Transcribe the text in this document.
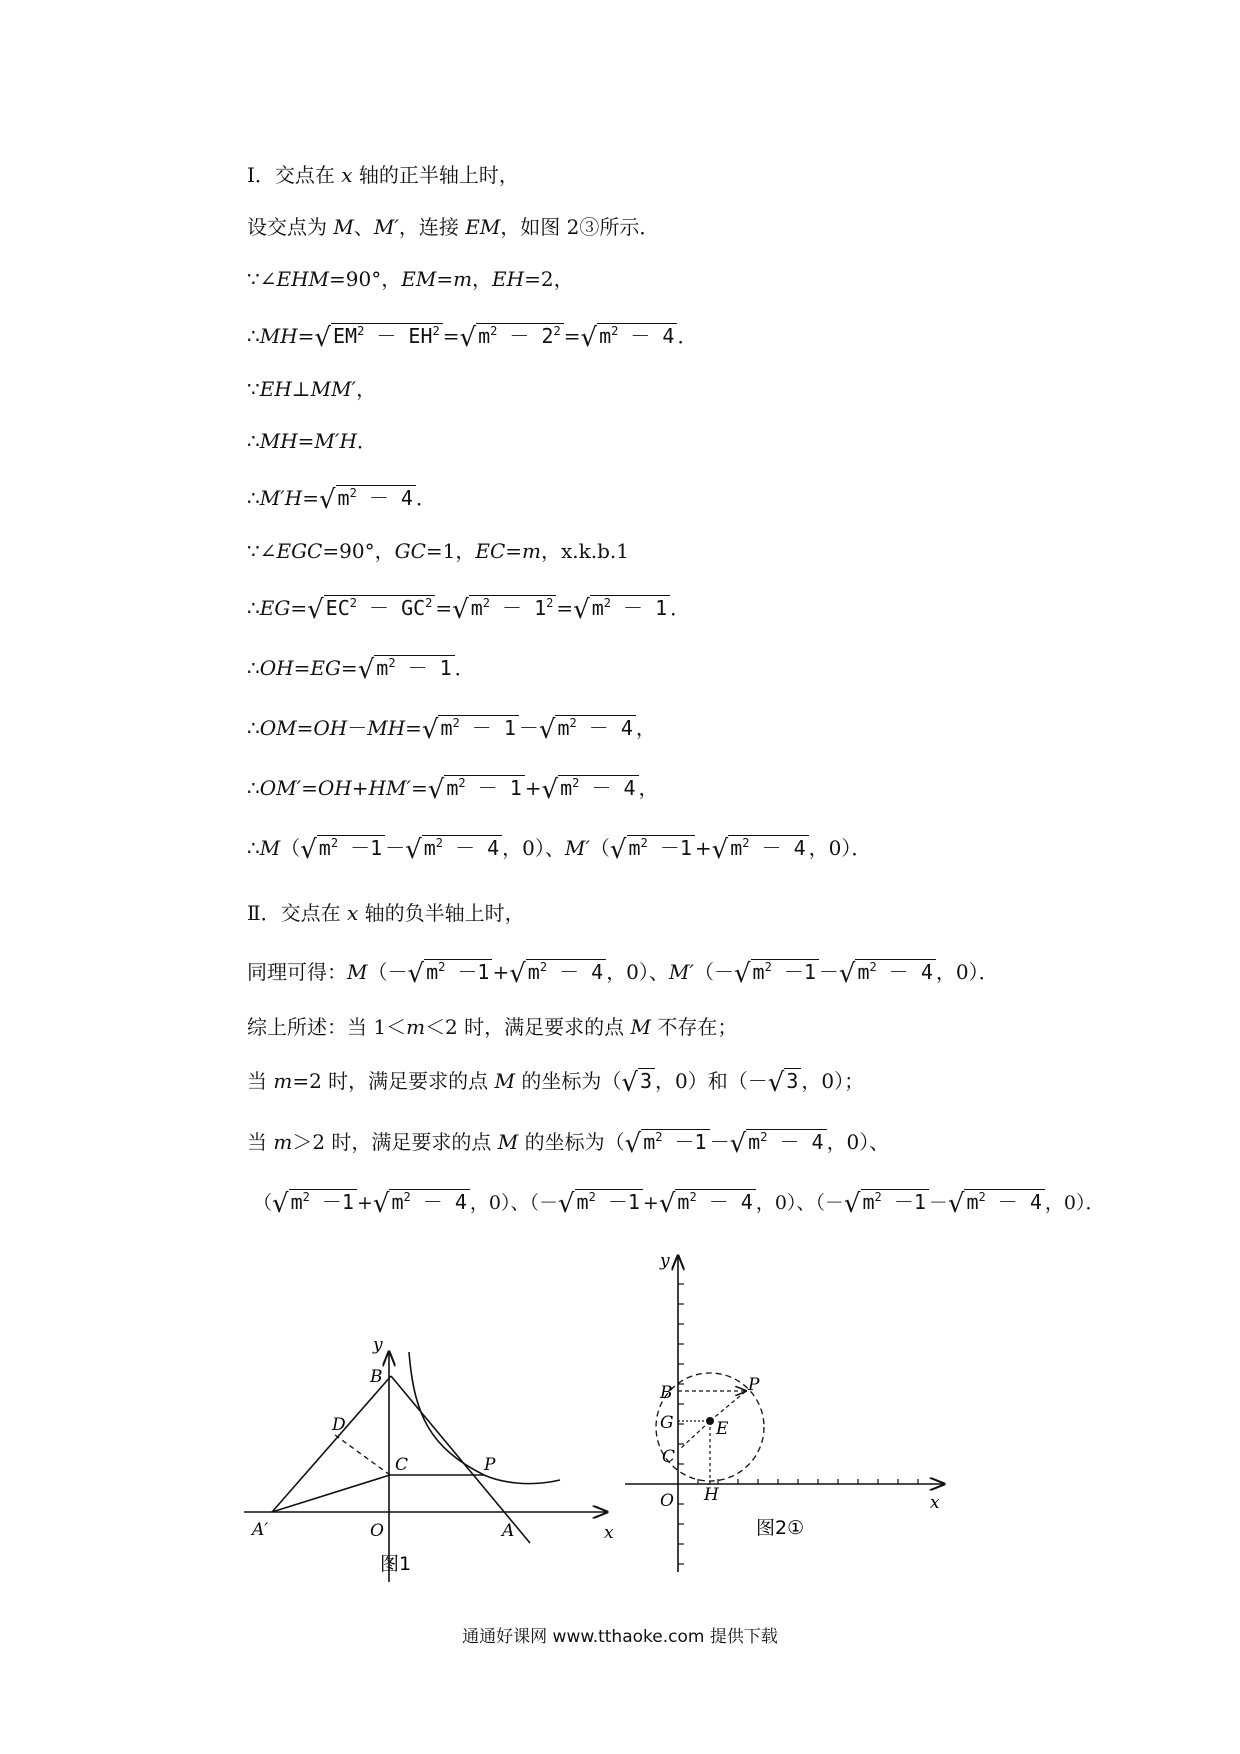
Ⅰ．交点在 x 轴的正半轴上时，
设交点为 M、M′，连接 EM，如图 2③所示．
∵∠EHM=90°，EM=m，EH=2，
∴MH=√ $EM^2 - EH^2$ =√ $m^2 - 2^2$ =√ $m^2 - 4$ ．
∵EH⊥MM′，
∴MH=M′H．
∴M′H=√ $m^2 - 4$ ．
∵∠EGC=90°，GC=1，EC=m，x.k.b.1
∴EG=√ $EC^2 - GC^2$ =√ $m^2 - 1^2$ =√ $m^2 - 1$ ．
∴OH=EG=√ $m^2 - 1$ ．
∴OM=OH－MH=√ $m^2 - 1$ －√ $m^2 - 4$ ，
∴OM′=OH+HM′=√ $m^2 - 1$ +√ $m^2 - 4$ ，
∴M（√ $m^2 -1$ －√ $m^2 - 4$ ，0）、M′（√ $m^2 -1$ +√ $m^2 - 4$ ，0）．
Ⅱ．交点在 x 轴的负半轴上时，
同理可得：M（－√ $m^2 -1$ +√ $m^2 - 4$ ，0）、M′（－√ $m^2 -1$ －√ $m^2 - 4$ ，0）．
综上所述：当 1＜m＜2 时，满足要求的点 M 不存在；
当 m=2 时，满足要求的点 M 的坐标为（√ 3 ，0）和（－√ 3 ，0）；
当 m＞2 时，满足要求的点 M 的坐标为（√ $m^2 -1$ －√ $m^2 - 4$ ，0）、
（√ $m^2 -1$ +√ $m^2 - 4$ ，0）、（－√ $m^2 -1$ +√ $m^2 - 4$ ，0）、（－√ $m^2 -1$ －√ $m^2 - 4$ ，0）．
y
B
D
C	P
A′	O	A	x
图1
y
B	P
G E
C
O H	x
图2①
通通好课网 www.tthaoke.com 提供下载
